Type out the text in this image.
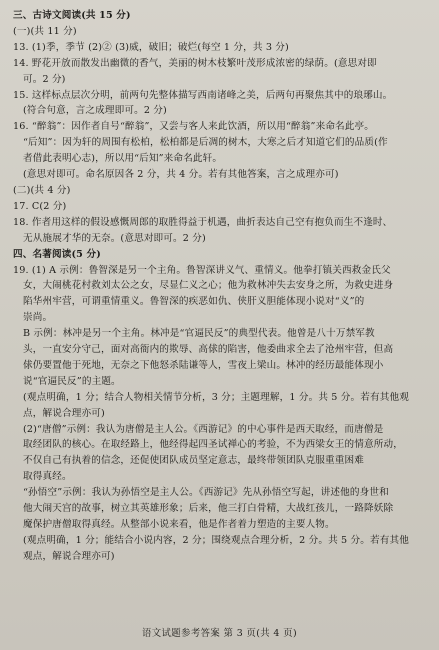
三、古诗文阅读(共 15 分)
(一)(共 11 分)
13. (1)季，季节 (2)② (3)威，破旧；破烂(每空 1 分，共 3 分)
14. 野花开放而散发出幽微的香气，美丽的树木枝繁叶茂形成浓密的绿荫。(意思对即
可。2 分)
15. 这样标点层次分明，前两句先整体描写西南诸峰之美，后两句再聚焦其中的琅琊山。
(符合句意，言之成理即可。2 分)
16. “醉翁”：因作者自号“醉翁”，又尝与客人来此饮酒，所以用“醉翁”来命名此亭。
“后知”：因为轩的周围有松柏，松柏都是后凋的树木，大寒之后才知道它们的品质(作
者借此表明心志)，所以用“后知”来命名此轩。
(意思对即可。命名原因各 2 分，共 4 分。若有其他答案，言之成理亦可)
(二)(共 4 分)
17. C(2 分)
18. 作者用这样的假设感慨周郎的取胜得益于机遇，曲折表达自己空有抱负而生不逢时、
无从施展才华的无奈。(意思对即可。2 分)
四、名著阅读(5 分)
19. (1) A 示例：鲁智深是另一个主角。鲁智深讲义气、重情义。他拳打镇关西救金氏父
女，大闹桃花村救刘太公之女，尽显仁义之心；他为救林冲失去安身之所，为救史进身
陷华州牢营，可谓重情重义。鲁智深的疾恶如仇、侠肝义胆能体现小说对“义”的
崇尚。
B 示例：林冲是另一个主角。林冲是“官逼民反”的典型代表。他曾是八十万禁军教
头，一直安分守己，面对高衙内的欺辱、高俅的陷害，他委曲求全去了沧州牢营，但高
俅仍要置他于死地，无奈之下他怒杀陆谦等人，雪夜上梁山。林冲的经历最能体现小
说“官逼民反”的主题。
(观点明确，1 分；结合人物相关情节分析，3 分；主题理解，1 分。共 5 分。若有其他观
点，解说合理亦可)
(2)“唐僧”示例：我认为唐僧是主人公。《西游记》的中心事件是西天取经，而唐僧是
取经团队的核心。在取经路上，他经得起四圣试禅心的考验，不为西梁女王的情意所动，
不仅自己有执着的信念，还促使团队成员坚定意志，最终带领团队克服重重困难
取得真经。
“孙悟空”示例：我认为孙悟空是主人公。《西游记》先从孙悟空写起，讲述他的身世和
他大闹天宫的故事，树立其英雄形象；后来，他三打白骨精，大战红孩儿，一路降妖除
魔保护唐僧取得真经。从整部小说来看，他是作者着力塑造的主要人物。
(观点明确，1 分；能结合小说内容，2 分；围绕观点合理分析，2 分。共 5 分。若有其他
观点，解说合理亦可)
语文试题参考答案 第 3 页(共 4 页)
